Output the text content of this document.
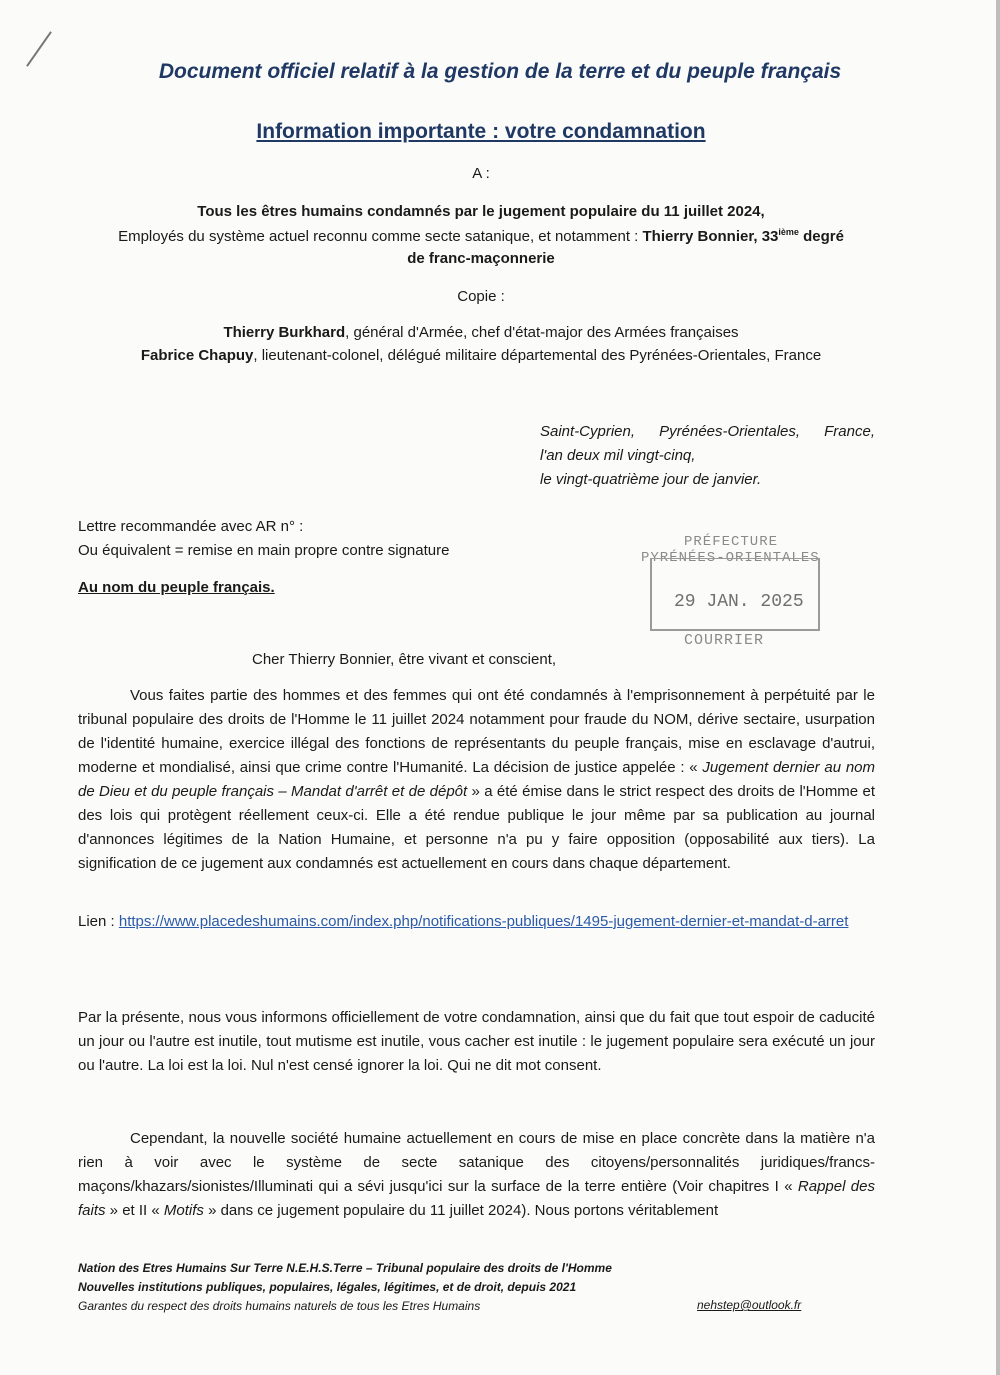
Document officiel relatif à la gestion de la terre et du peuple français
Information importante : votre condamnation
A :
Tous les êtres humains condamnés par le jugement populaire du 11 juillet 2024,
Employés du système actuel reconnu comme secte satanique, et notamment : Thierry Bonnier, 33ième degré
de franc-maçonnerie
Copie :
Thierry Burkhard, général d'Armée, chef d'état-major des Armées françaises
Fabrice Chapuy, lieutenant-colonel, délégué militaire départemental des Pyrénées-Orientales, France
Saint-Cyprien, Pyrénées-Orientales, France,
l'an deux mil vingt-cinq,
le vingt-quatrième jour de janvier.
Lettre recommandée avec AR n° :
Ou équivalent = remise en main propre contre signature
Au nom du peuple français.
PRÉFECTURE
PYRÉNÉES-ORIENTALES
29 JAN. 2025
COURRIER
Cher Thierry Bonnier, être vivant et conscient,
Vous faites partie des hommes et des femmes qui ont été condamnés à l'emprisonnement à perpétuité par le tribunal populaire des droits de l'Homme le 11 juillet 2024 notamment pour fraude du NOM, dérive sectaire, usurpation de l'identité humaine, exercice illégal des fonctions de représentants du peuple français, mise en esclavage d'autrui, moderne et mondialisé, ainsi que crime contre l'Humanité. La décision de justice appelée : « Jugement dernier au nom de Dieu et du peuple français – Mandat d'arrêt et de dépôt » a été émise dans le strict respect des droits de l'Homme et des lois qui protègent réellement ceux-ci. Elle a été rendue publique le jour même par sa publication au journal d'annonces légitimes de la Nation Humaine, et personne n'a pu y faire opposition (opposabilité aux tiers). La signification de ce jugement aux condamnés est actuellement en cours dans chaque département.
Lien : https://www.placedeshumains.com/index.php/notifications-publiques/1495-jugement-dernier-et-mandat-d-arret
Par la présente, nous vous informons officiellement de votre condamnation, ainsi que du fait que tout espoir de caducité un jour ou l'autre est inutile, tout mutisme est inutile, vous cacher est inutile : le jugement populaire sera exécuté un jour ou l'autre. La loi est la loi. Nul n'est censé ignorer la loi. Qui ne dit mot consent.
Cependant, la nouvelle société humaine actuellement en cours de mise en place concrète dans la matière n'a rien à voir avec le système de secte satanique des citoyens/personnalités juridiques/francs-maçons/khazars/sionistes/Illuminati qui a sévi jusqu'ici sur la surface de la terre entière (Voir chapitres I « Rappel des faits » et II « Motifs » dans ce jugement populaire du 11 juillet 2024). Nous portons véritablement
Nation des Etres Humains Sur Terre N.E.H.S.Terre – Tribunal populaire des droits de l'Homme
Nouvelles institutions publiques, populaires, légales, légitimes, et de droit, depuis 2021
Garantes du respect des droits humains naturels de tous les Etres Humains	nehstep@outlook.fr
